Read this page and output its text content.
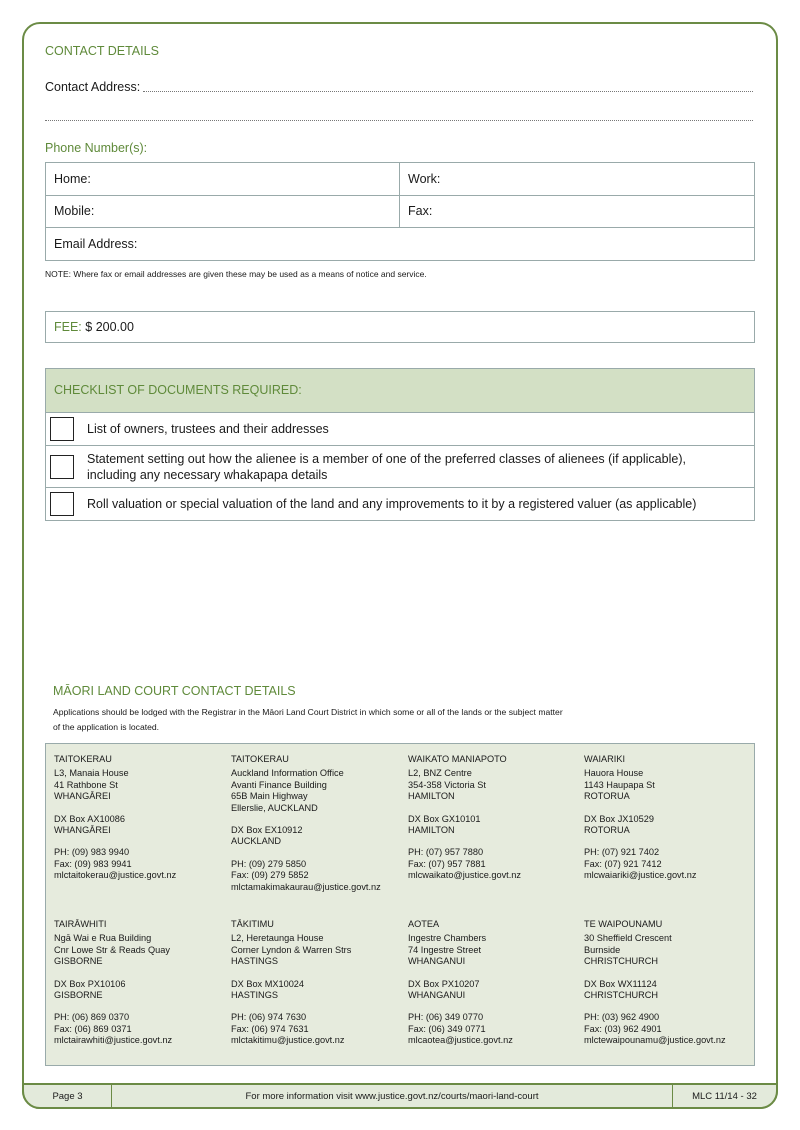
CONTACT DETAILS
Contact Address:
Phone Number(s):
Home:	Work:
Mobile:	Fax:
Email Address:	
NOTE: Where fax or email addresses are given these may be used as a means of notice and service.
FEE: $ 200.00
CHECKLIST OF DOCUMENTS REQUIRED:
List of owners, trustees and their addresses
Statement setting out how the alienee is a member of one of the preferred classes of alienees (if applicable), including any necessary whakapapa details
Roll valuation or special valuation of the land and any improvements to it by a registered valuer (as applicable)
MĀORI LAND COURT CONTACT DETAILS
Applications should be lodged with the Registrar in the Māori Land Court District in which some or all of the lands or the subject matter
of the application is located.
TAITOKERAU
L3, Manaia House
41 Rathbone St
WHANGĀREI
DX Box AX10086
WHANGĀREI
PH: (09) 983 9940
Fax: (09) 983 9941
mlctaitokerau@justice.govt.nz
TAITOKERAU
Auckland Information Office
Avanti Finance Building
65B Main Highway
Ellerslie, AUCKLAND
DX Box EX10912
AUCKLAND
PH: (09) 279 5850
Fax: (09) 279 5852
mlctamakimakaurau@justice.govt.nz
WAIKATO MANIAPOTO
L2, BNZ Centre
354-358 Victoria St
HAMILTON
DX Box GX10101
HAMILTON
PH: (07) 957 7880
Fax: (07) 957 7881
mlcwaikato@justice.govt.nz
WAIARIKI
Hauora House
1143 Haupapa St
ROTORUA
DX Box JX10529
ROTORUA
PH: (07) 921 7402
Fax: (07) 921 7412
mlcwaiariki@justice.govt.nz
TAIRĀWHITI
Ngā Wai e Rua Building
Cnr Lowe Str & Reads Quay
GISBORNE
DX Box PX10106
GISBORNE
PH: (06) 869 0370
Fax: (06) 869 0371
mlctairawhiti@justice.govt.nz
TĀKITIMU
L2, Heretaunga House
Corner Lyndon & Warren Strs
HASTINGS
DX Box MX10024
HASTINGS
PH: (06) 974 7630
Fax: (06) 974 7631
mlctakitimu@justice.govt.nz
AOTEA
Ingestre Chambers
74 Ingestre Street
WHANGANUI
DX Box PX10207
WHANGANUI
PH: (06) 349 0770
Fax: (06) 349 0771
mlcaotea@justice.govt.nz
TE WAIPOUNAMU
30 Sheffield Crescent
Burnside
CHRISTCHURCH
DX Box WX11124
CHRISTCHURCH
PH: (03) 962 4900
Fax: (03) 962 4901
mlctewaipounamu@justice.govt.nz
Page 3	For more information visit www.justice.govt.nz/courts/maori-land-court	MLC 11/14 - 32
